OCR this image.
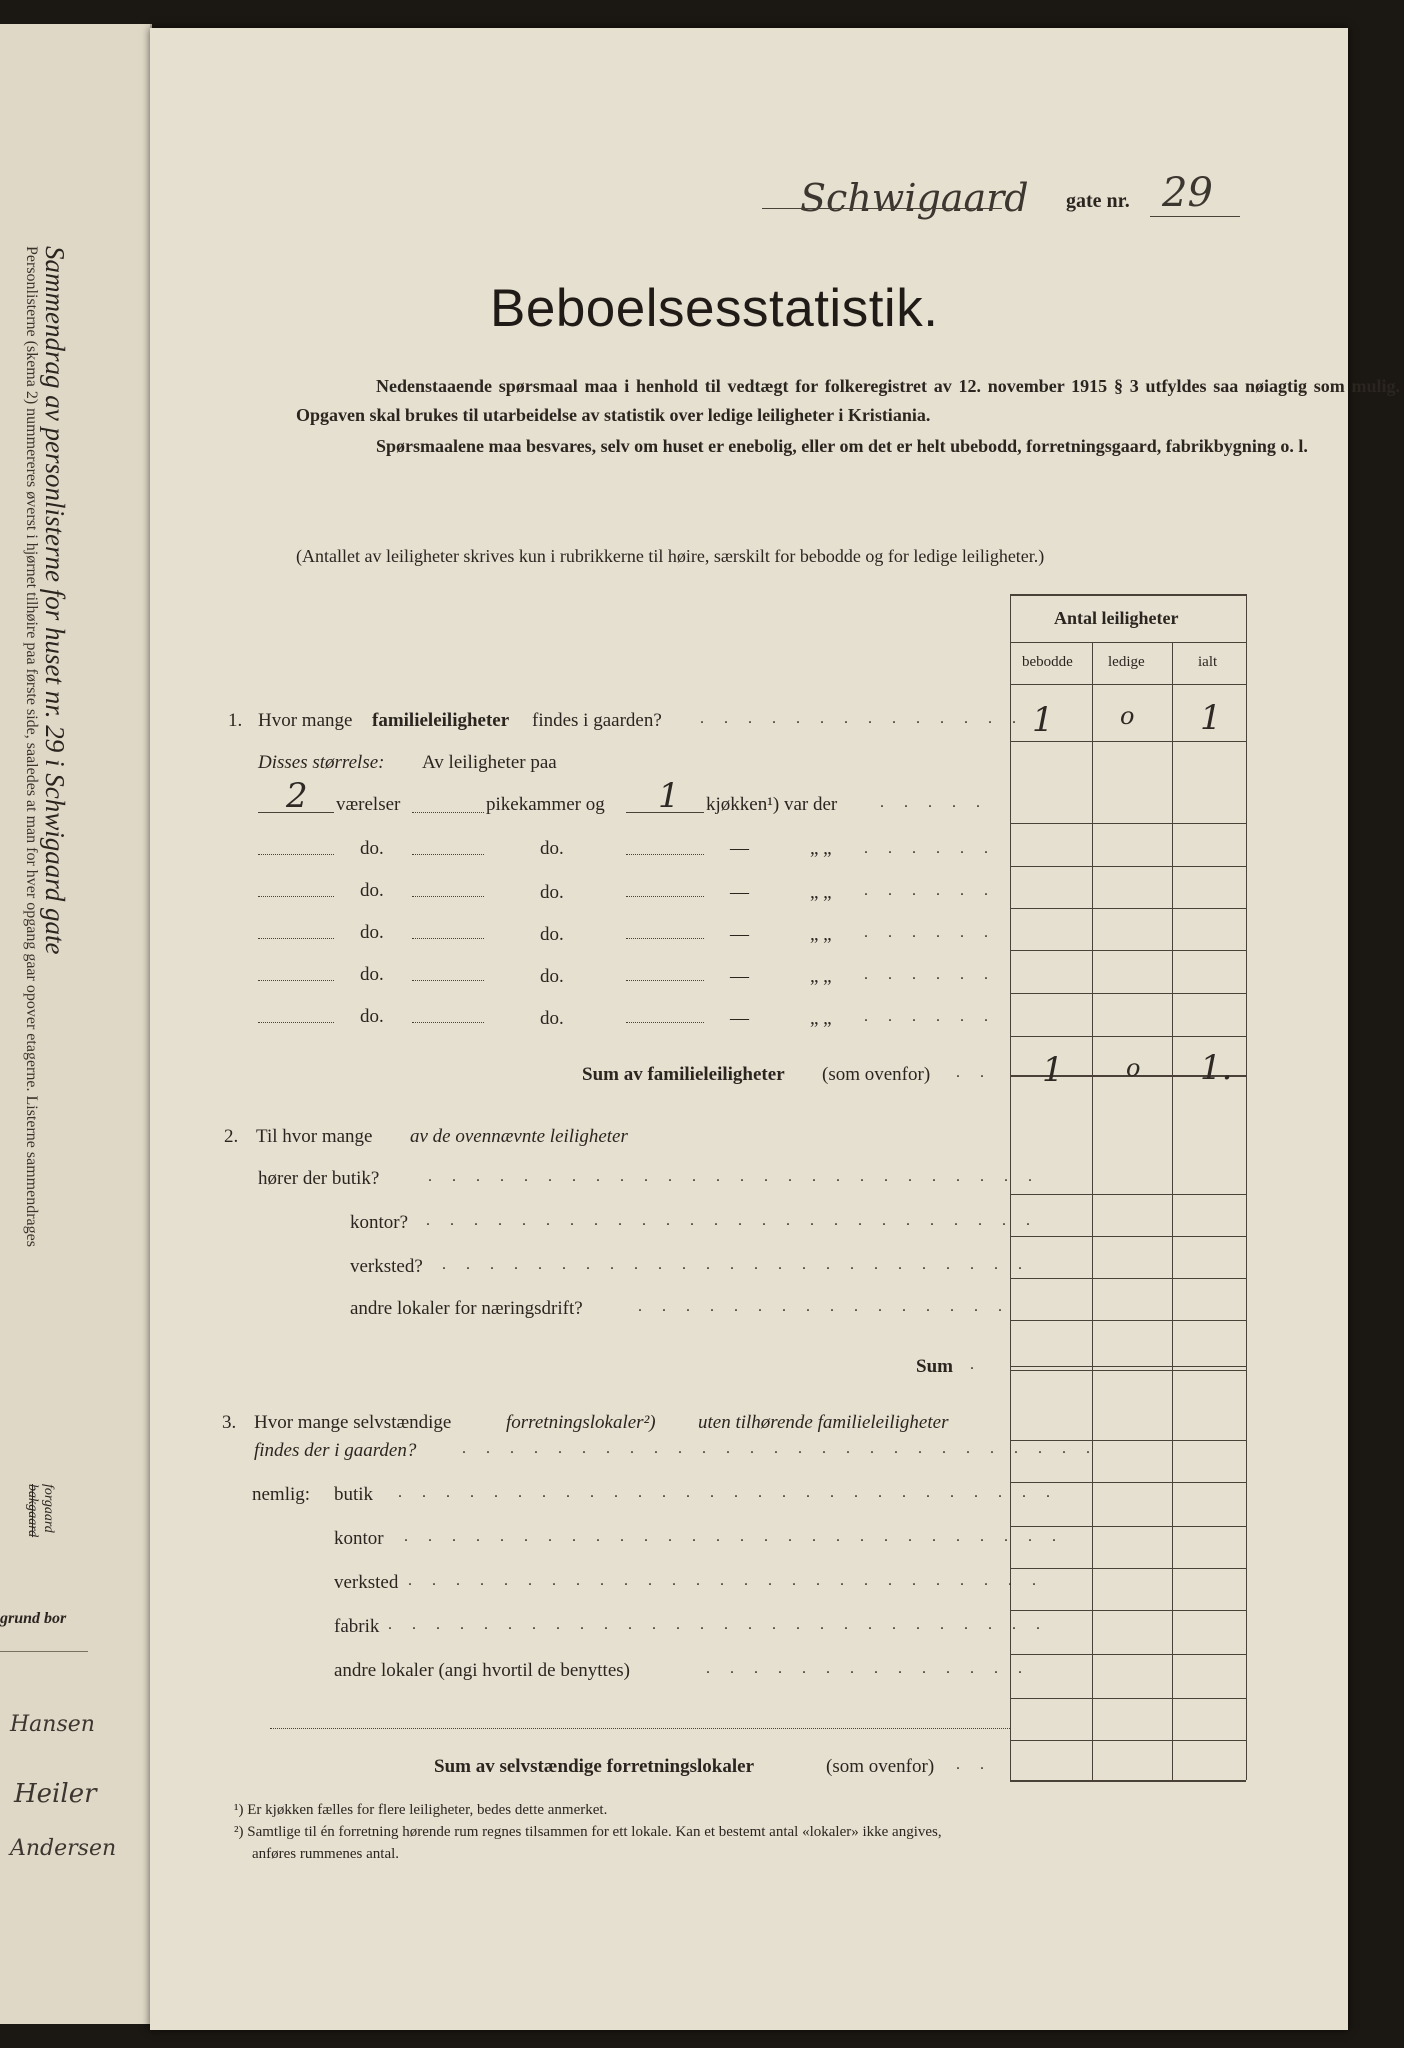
Sammendrag av personlisterne for huset nr. 29 i Schwigaard gate
Personlisterne (skema 2) nummereres øverst i hjørnet tilhøire paa første side, saaledes at man for hver opgang gaar opover etagerne. Listerne sammendrages
forgaard
bakgaard
grund bor
Hansen
Heiler
Andersen
Schwigaard gate nr. 29
Beboelsesstatistik.
Nedenstaaende spørsmaal maa i henhold til vedtægt for folkeregistret av 12. november 1915 § 3 utfyldes saa nøiagtig som mulig. Opgaven skal brukes til utarbeidelse av statistik over ledige leiligheter i Kristiania.
Spørsmaalene maa besvares, selv om huset er enebolig, eller om det er helt ubebodd, forretningsgaard, fabrikbygning o. l.
(Antallet av leiligheter skrives kun i rubrikkerne til høire, særskilt for bebodde og for ledige leiligheter.)
Antal leiligheter
bebodde ledige	ialt
1. Hvor mange familieleiligheter findes i gaarden? . . . . . . . . . . . . . . 1	o 1
Disses størrelse: Av leiligheter paa
2 værelser	pikekammer og 1 kjøkken¹) var der	. . . . .
do.	do.	—	„ „ . . . . . .
do.	do.	—	„ „ . . . . . .
do.	do.	—	„ „ . . . . . .
do.	do.	—	„ „ . . . . . .
do.	do.	—	„ „ . . . . . .
Sum av familieleiligheter (som ovenfor) . . 1	o 1.
2. Til hvor mange av de ovennævnte leiligheter
hører der butik?	. . . . . . . . . . . . . . . . . . . . . . . . . .
kontor? . . . . . . . . . . . . . . . . . . . . . . . . . .
verksted? . . . . . . . . . . . . . . . . . . . . . . . . .
andre lokaler for næringsdrift?	. . . . . . . . . . . . . . . .
Sum .
3. Hvor mange selvstændige	forretningslokaler²) uten tilhørende familieleiligheter
findes der i gaarden?	. . . . . . . . . . . . . . . . . . . . . . . . . . .
nemlig: butik . . . . . . . . . . . . . . . . . . . . . . . . . . . .
kontor . . . . . . . . . . . . . . . . . . . . . . . . . . . .
verksted . . . . . . . . . . . . . . . . . . . . . . . . . . .
fabrik . . . . . . . . . . . . . . . . . . . . . . . . . . . .
andre lokaler (angi hvortil de benyttes)	. . . . . . . . . . . . . .
Sum av selvstændige forretningslokaler	(som ovenfor) . .
¹) Er kjøkken fælles for flere leiligheter, bedes dette anmerket.
²) Samtlige til én forretning hørende rum regnes tilsammen for ett lokale. Kan et bestemt antal «lokaler» ikke angives,
anføres rummenes antal.
